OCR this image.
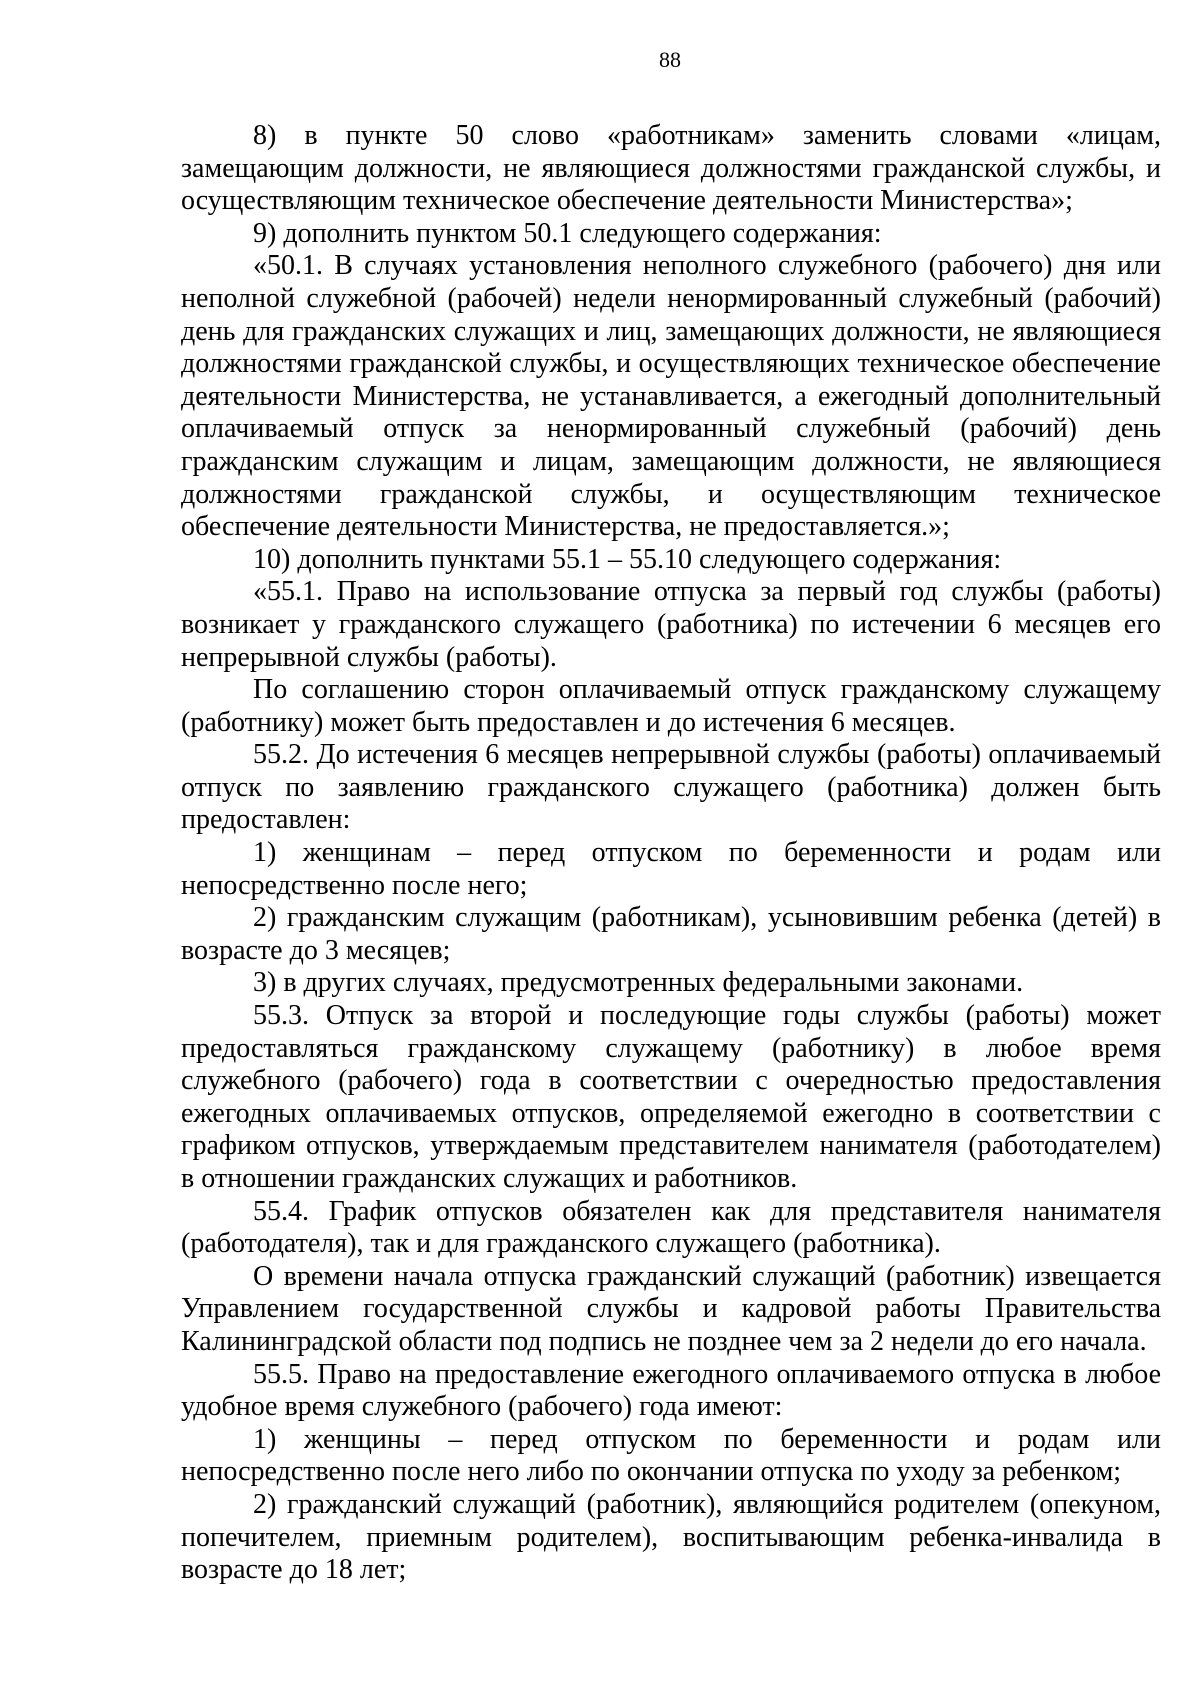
88

8) в пункте 50 слово «работникам» заменить словами «лицам, замещающим должности, не являющиеся должностями гражданской службы, и осуществляющим техническое обеспечение деятельности Министерства»;

9) дополнить пунктом 50.1 следующего содержания:

«50.1. В случаях установления неполного служебного (рабочего) дня или неполной служебной (рабочей) недели ненормированный служебный (рабочий) день для гражданских служащих и лиц, замещающих должности, не являющиеся должностями гражданской службы, и осуществляющих техническое обеспечение деятельности Министерства, не устанавливается, а ежегодный дополнительный оплачиваемый отпуск за ненормированный служебный (рабочий) день гражданским служащим и лицам, замещающим должности, не являющиеся должностями гражданской службы, и осуществляющим техническое обеспечение деятельности Министерства, не предоставляется.»;

10) дополнить пунктами 55.1 – 55.10 следующего содержания:

«55.1. Право на использование отпуска за первый год службы (работы) возникает у гражданского служащего (работника) по истечении 6 месяцев его непрерывной службы (работы).

По соглашению сторон оплачиваемый отпуск гражданскому служащему (работнику) может быть предоставлен и до истечения 6 месяцев.

55.2. До истечения 6 месяцев непрерывной службы (работы) оплачиваемый отпуск по заявлению гражданского служащего (работника) должен быть предоставлен:

1) женщинам – перед отпуском по беременности и родам или непосредственно после него;

2) гражданским служащим (работникам), усыновившим ребенка (детей) в возрасте до 3 месяцев;

3) в других случаях, предусмотренных федеральными законами.

55.3. Отпуск за второй и последующие годы службы (работы) может предоставляться гражданскому служащему (работнику) в любое время служебного (рабочего) года в соответствии с очередностью предоставления ежегодных оплачиваемых отпусков, определяемой ежегодно в соответствии с графиком отпусков, утверждаемым представителем нанимателя (работодателем) в отношении гражданских служащих и работников.

55.4. График отпусков обязателен как для представителя нанимателя (работодателя), так и для гражданского служащего (работника).

О времени начала отпуска гражданский служащий (работник) извещается Управлением государственной службы и кадровой работы Правительства Калининградской области под подпись не позднее чем за 2 недели до его начала.

55.5. Право на предоставление ежегодного оплачиваемого отпуска в любое удобное время служебного (рабочего) года имеют:

1) женщины – перед отпуском по беременности и родам или непосредственно после него либо по окончании отпуска по уходу за ребенком;

2) гражданский служащий (работник), являющийся родителем (опекуном, попечителем, приемным родителем), воспитывающим ребенка-инвалида в возрасте до 18 лет;
